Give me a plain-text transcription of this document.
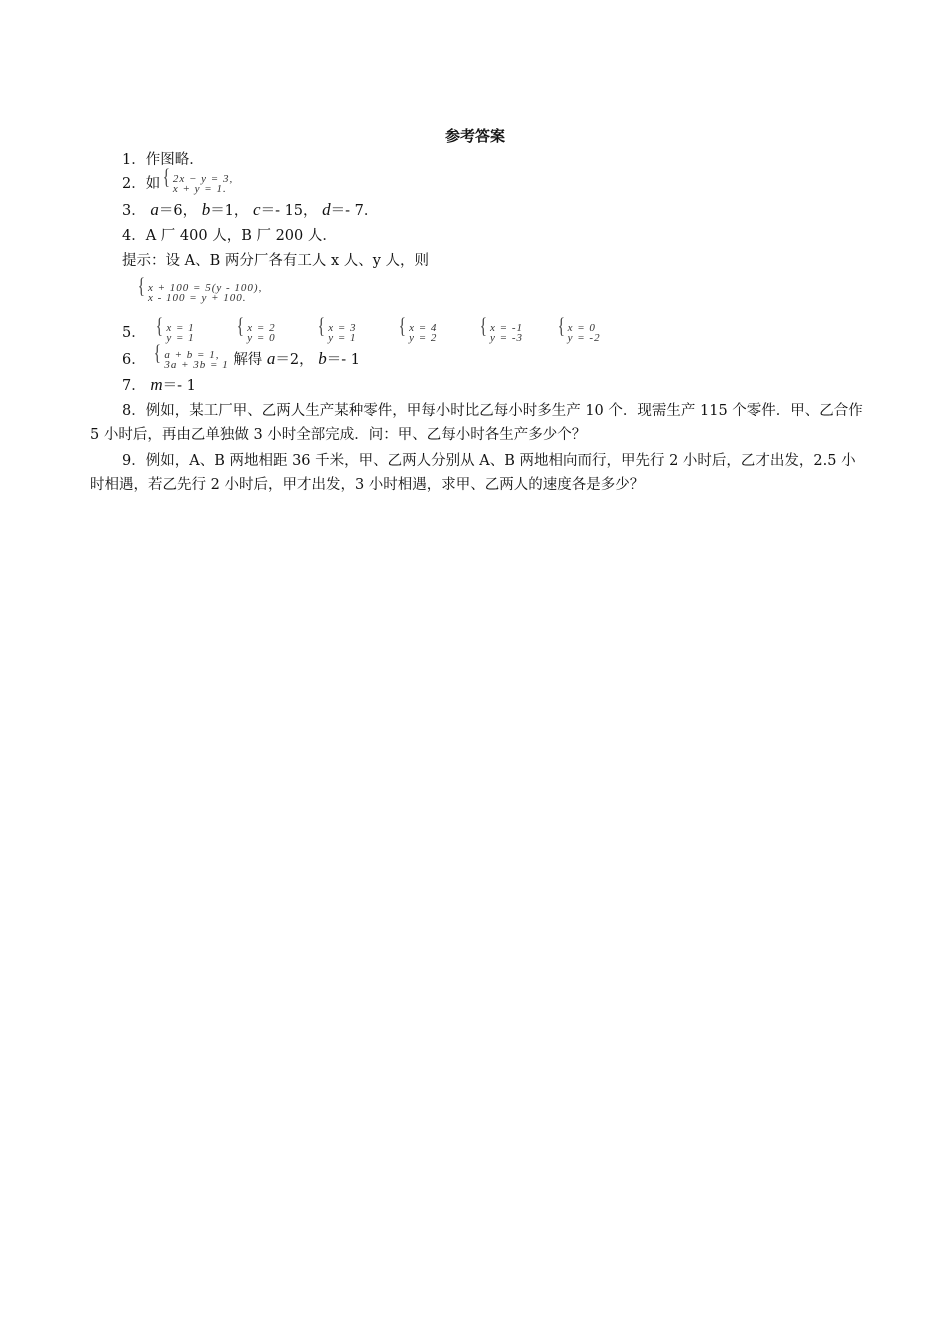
参考答案
1．作图略．
2．如 { 2x − y = 3,
x + y = 1.
3． a＝6， b＝1， c＝- 15， d＝- 7．
4．A 厂 400 人，B 厂 200 人．
提示：设 A、B 两分厂各有工人 x 人、y 人，则
{ x + 100 = 5(y - 100),
x - 100 = y + 100.
5． { x = 1
y = 1
{ x = 2
y = 0
{ x = 3
y = 1
{ x = 4
y = 2
{ x = -1
y = -3
{ x = 0
y = -2
6． { a + b = 1,
3a + 3b = 1 解得 a＝2， b＝- 1
7． m＝- 1
8．例如，某工厂甲、乙两人生产某种零件，甲每小时比乙每小时多生产 10 个．现需生产 115 个零件．甲、乙合作 5 小时后，再由乙单独做 3 小时全部完成．问：甲、乙每小时各生产多少个？
9．例如，A、B 两地相距 36 千米，甲、乙两人分别从 A、B 两地相向而行，甲先行 2 小时后，乙才出发，2.5 小时相遇，若乙先行 2 小时后，甲才出发，3 小时相遇，求甲、乙两人的速度各是多少？
